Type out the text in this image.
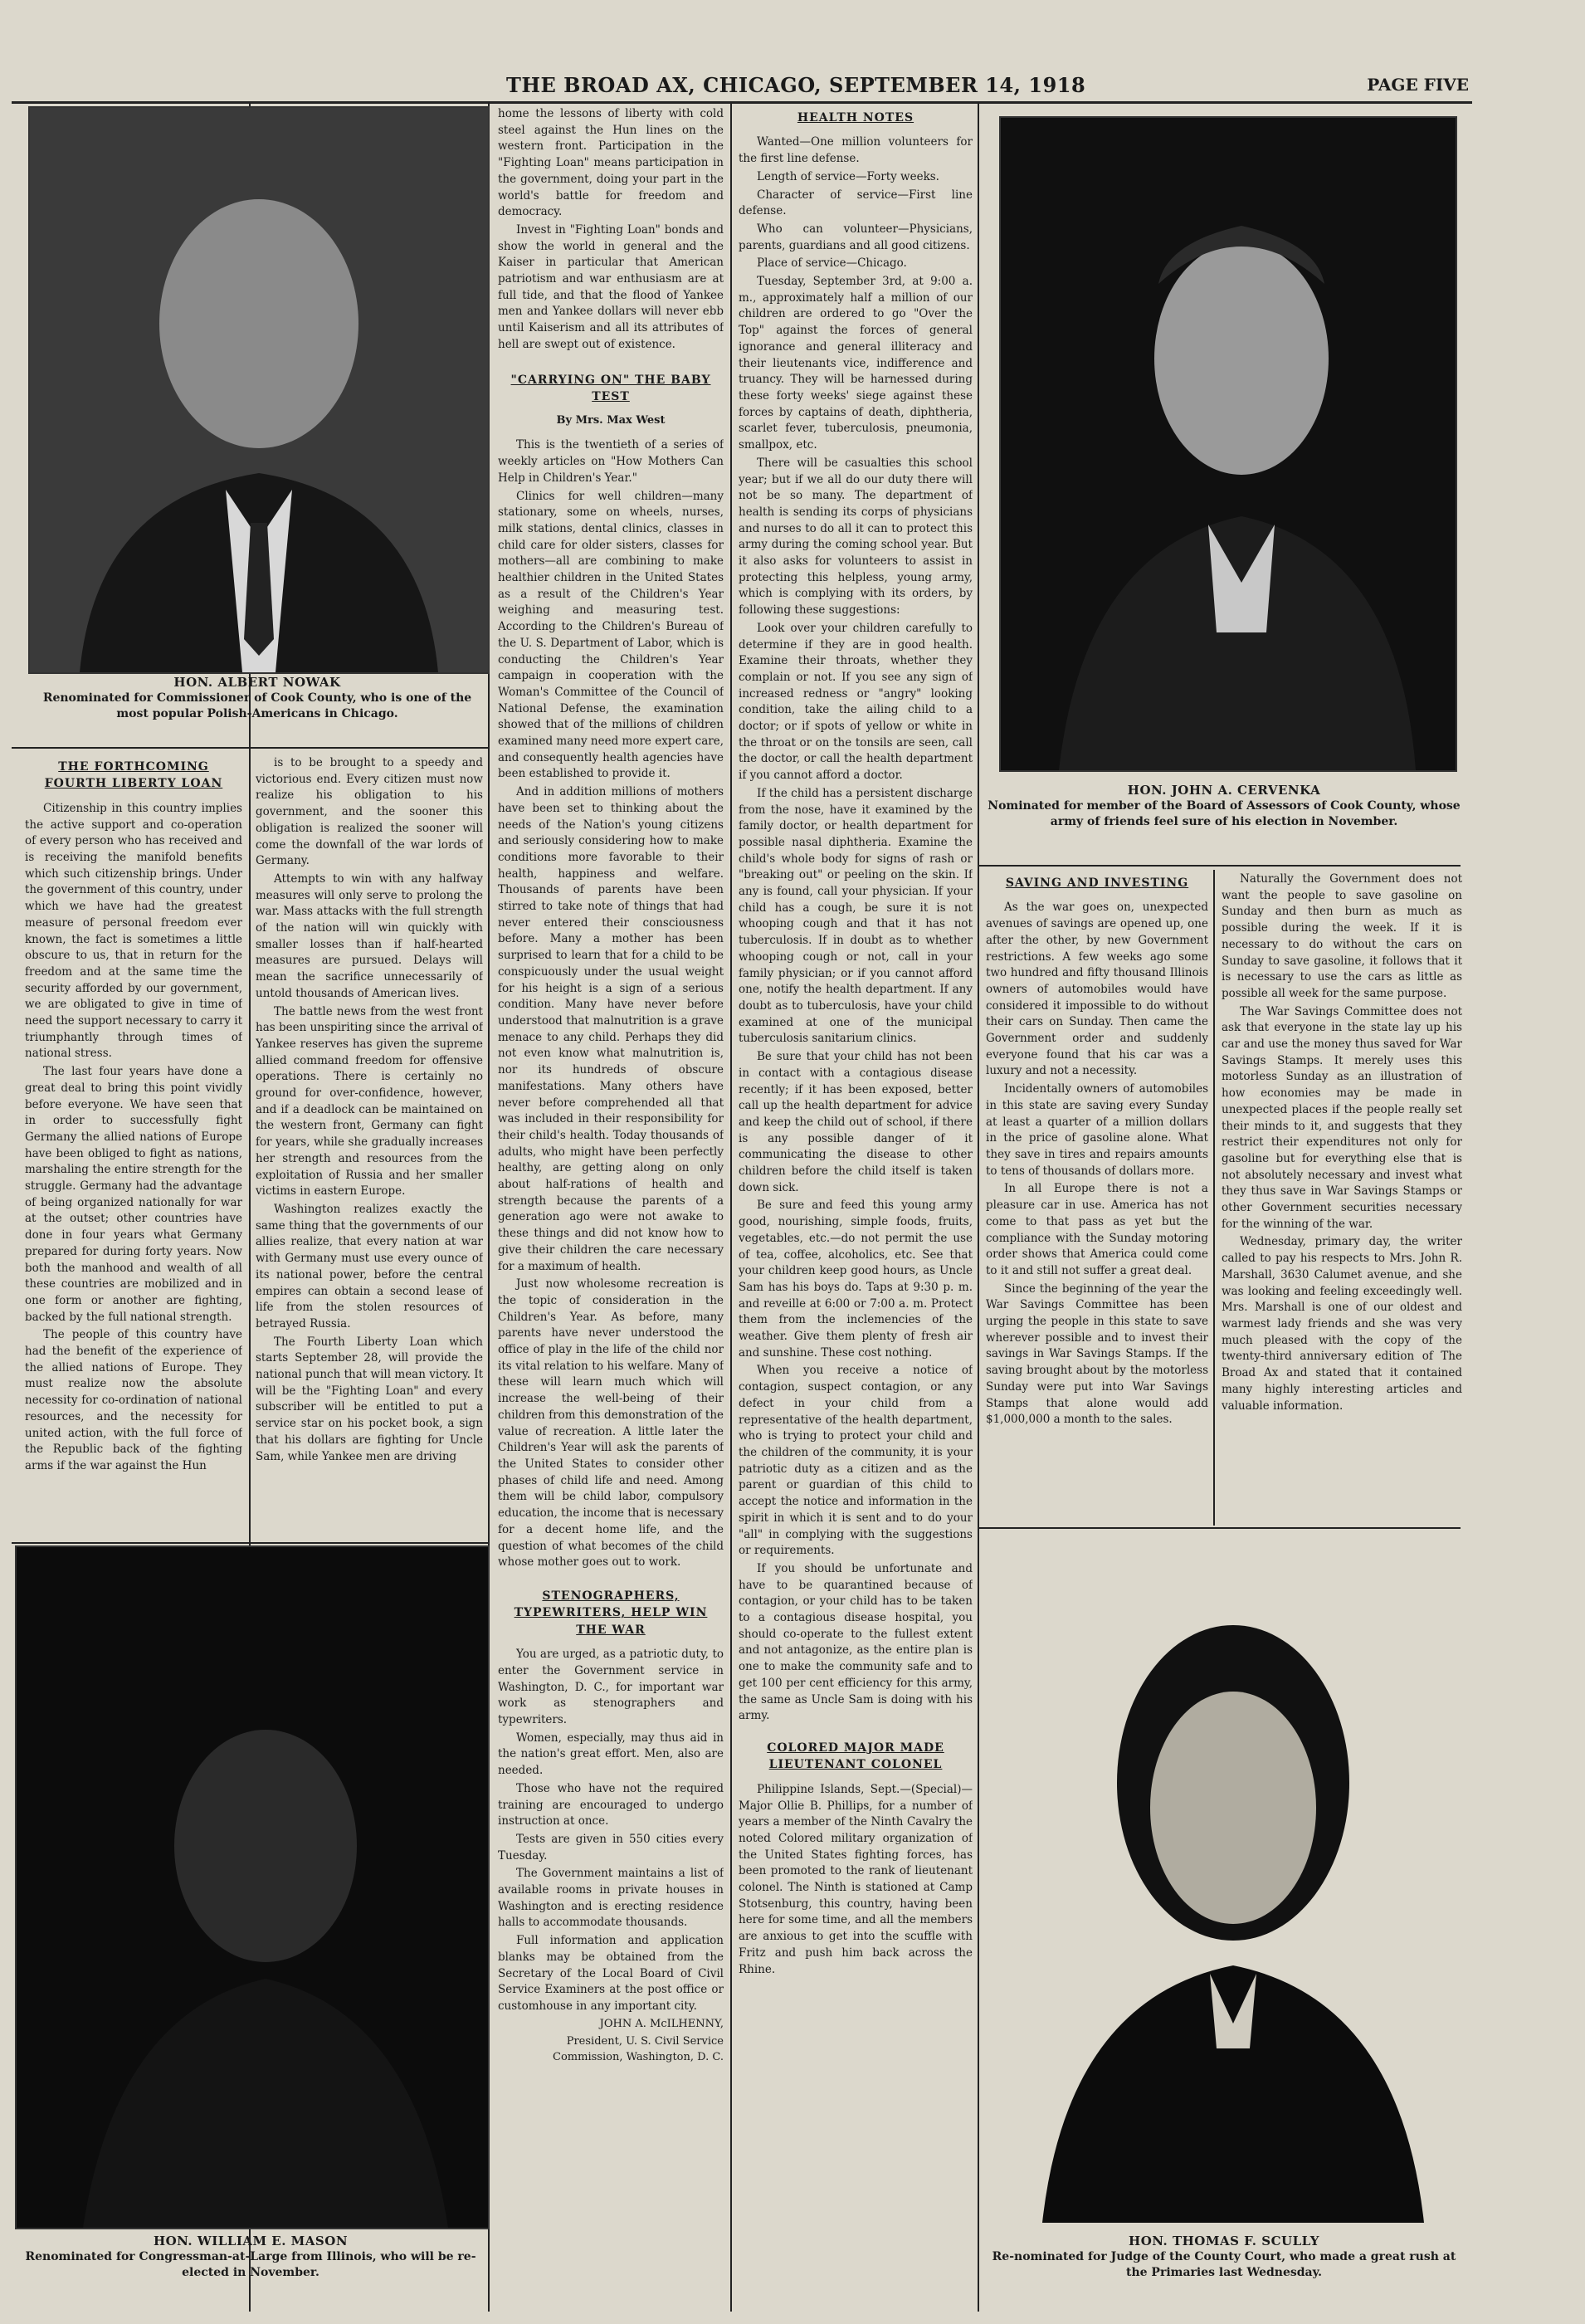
THE BROAD AX, CHICAGO, SEPTEMBER 14, 1918	PAGE FIVE
HON. ALBERT NOWAK
Renominated for Commissioner of Cook County, who is one of the most popular Polish-Americans in Chicago.
THE FORTHCOMING FOURTH LIBERTY LOAN

Citizenship in this country implies the active support and co-operation of every person who has received and is receiving the manifold benefits which such citizenship brings. Under the government of this country, under which we have had the greatest measure of personal freedom ever known, the fact is sometimes a little obscure to us, that in return for the freedom and at the same time the security afforded by our government, we are obligated to give in time of need the support necessary to carry it triumphantly through times of national stress.

The last four years have done a great deal to bring this point vividly before everyone. We have seen that in order to successfully fight Germany the allied nations of Europe have been obliged to fight as nations, marshaling the entire strength for the struggle. Germany had the advantage of being organized nationally for war at the outset; other countries have done in four years what Germany prepared for during forty years. Now both the manhood and wealth of all these countries are mobilized and in one form or another are fighting, backed by the full national strength.

The people of this country have had the benefit of the experience of the allied nations of Europe. They must realize now the absolute necessity for co-ordination of national resources, and the necessity for united action, with the full force of the Republic back of the fighting arms if the war against the Hun

is to be brought to a speedy and victorious end. Every citizen must now realize his obligation to his government, and the sooner this obligation is realized the sooner will come the downfall of the war lords of Germany.

Attempts to win with any halfway measures will only serve to prolong the war. Mass attacks with the full strength of the nation will win quickly with smaller losses than if half-hearted measures are pursued. Delays will mean the sacrifice unnecessarily of untold thousands of American lives.

The battle news from the west front has been unspiriting since the arrival of Yankee reserves has given the supreme allied command freedom for offensive operations. There is certainly no ground for over-confidence, however, and if a deadlock can be maintained on the western front, Germany can fight for years, while she gradually increases her strength and resources from the exploitation of Russia and her smaller victims in eastern Europe.

Washington realizes exactly the same thing that the governments of our allies realize, that every nation at war with Germany must use every ounce of its national power, before the central empires can obtain a second lease of life from the stolen resources of betrayed Russia.

The Fourth Liberty Loan which starts September 28, will provide the national punch that will mean victory. It will be the "Fighting Loan" and every subscriber will be entitled to put a service star on his pocket book, a sign that his dollars are fighting for Uncle Sam, while Yankee men are driving

HON. WILLIAM E. MASON
Renominated for Congressman-at-Large from Illinois, who will be re-elected in November.

home the lessons of liberty with cold steel against the Hun lines on the western front. Participation in the "Fighting Loan" means participation in the government, doing your part in the world's battle for freedom and democracy.

Invest in "Fighting Loan" bonds and show the world in general and the Kaiser in particular that American patriotism and war enthusiasm are at full tide, and that the flood of Yankee men and Yankee dollars will never ebb until Kaiserism and all its attributes of hell are swept out of existence.

"CARRYING ON" THE BABY TEST
By Mrs. Max West

This is the twentieth of a series of weekly articles on "How Mothers Can Help in Children's Year."

Clinics for well children—many stationary, some on wheels, nurses, milk stations, dental clinics, classes in child care for older sisters, classes for mothers—all are combining to make healthier children in the United States as a result of the Children's Year weighing and measuring test. According to the Children's Bureau of the U. S. Department of Labor, which is conducting the Children's Year campaign in cooperation with the Woman's Committee of the Council of National Defense, the examination showed that of the millions of children examined many need more expert care, and consequently health agencies have been established to provide it.

And in addition millions of mothers have been set to thinking about the needs of the Nation's young citizens and seriously considering how to make conditions more favorable to their health, happiness and welfare. Thousands of parents have been stirred to take note of things that had never entered their consciousness before. Many a mother has been surprised to learn that for a child to be conspicuously under the usual weight for his height is a sign of a serious condition. Many have never before understood that malnutrition is a grave menace to any child. Perhaps they did not even know what malnutrition is, nor its hundreds of obscure manifestations. Many others have never before comprehended all that was included in their responsibility for their child's health. Today thousands of adults, who might have been perfectly healthy, are getting along on only about half-rations of health and strength because the parents of a generation ago were not awake to these things and did not know how to give their children the care necessary for a maximum of health.

Just now wholesome recreation is the topic of consideration in the Children's Year. As before, many parents have never understood the office of play in the life of the child nor its vital relation to his welfare. Many of these will learn much which will increase the well-being of their children from this demonstration of the value of recreation. A little later the Children's Year will ask the parents of the United States to consider other phases of child life and need. Among them will be child labor, compulsory education, the income that is necessary for a decent home life, and the question of what becomes of the child whose mother goes out to work.

STENOGRAPHERS, TYPEWRITERS, HELP WIN THE WAR

You are urged, as a patriotic duty, to enter the Government service in Washington, D. C., for important war work as stenographers and typewriters.

Women, especially, may thus aid in the nation's great effort. Men, also are needed.

Those who have not the required training are encouraged to undergo instruction at once.

Tests are given in 550 cities every Tuesday.

The Government maintains a list of available rooms in private houses in Washington and is erecting residence halls to accommodate thousands.

Full information and application blanks may be obtained from the Secretary of the Local Board of Civil Service Examiners at the post office or customhouse in any important city.

JOHN A. McILHENNY,

President, U. S. Civil Service Commission, Washington, D. C.

HEALTH NOTES

Wanted—One million volunteers for the first line defense.

Length of service—Forty weeks.

Character of service—First line defense.

Who can volunteer—Physicians, parents, guardians and all good citizens.

Place of service—Chicago.

Tuesday, September 3rd, at 9:00 a. m., approximately half a million of our children are ordered to go "Over the Top" against the forces of general ignorance and general illiteracy and their lieutenants vice, indifference and truancy. They will be harnessed during these forty weeks' siege against these forces by captains of death, diphtheria, scarlet fever, tuberculosis, pneumonia, smallpox, etc.

There will be casualties this school year; but if we all do our duty there will not be so many. The department of health is sending its corps of physicians and nurses to do all it can to protect this army during the coming school year. But it also asks for volunteers to assist in protecting this helpless, young army, which is complying with its orders, by following these suggestions:

Look over your children carefully to determine if they are in good health. Examine their throats, whether they complain or not. If you see any sign of increased redness or "angry" looking condition, take the ailing child to a doctor; or if spots of yellow or white in the throat or on the tonsils are seen, call the doctor, or call the health department if you cannot afford a doctor.

If the child has a persistent discharge from the nose, have it examined by the family doctor, or health department for possible nasal diphtheria. Examine the child's whole body for signs of rash or "breaking out" or peeling on the skin. If any is found, call your physician. If your child has a cough, be sure it is not whooping cough and that it has not tuberculosis. If in doubt as to whether whooping cough or not, call in your family physician; or if you cannot afford one, notify the health department. If any doubt as to tuberculosis, have your child examined at one of the municipal tuberculosis sanitarium clinics.

Be sure that your child has not been in contact with a contagious disease recently; if it has been exposed, better call up the health department for advice and keep the child out of school, if there is any possible danger of it communicating the disease to other children before the child itself is taken down sick.

Be sure and feed this young army good, nourishing, simple foods, fruits, vegetables, etc.—do not permit the use of tea, coffee, alcoholics, etc. See that your children keep good hours, as Uncle Sam has his boys do. Taps at 9:30 p. m. and reveille at 6:00 or 7:00 a. m. Protect them from the inclemencies of the weather. Give them plenty of fresh air and sunshine. These cost nothing.

When you receive a notice of contagion, suspect contagion, or any defect in your child from a representative of the health department, who is trying to protect your child and the children of the community, it is your patriotic duty as a citizen and as the parent or guardian of this child to accept the notice and information in the spirit in which it is sent and to do your "all" in complying with the suggestions or requirements.

If you should be unfortunate and have to be quarantined because of contagion, or your child has to be taken to a contagious disease hospital, you should co-operate to the fullest extent and not antagonize, as the entire plan is one to make the community safe and to get 100 per cent efficiency for this army, the same as Uncle Sam is doing with his army.

COLORED MAJOR MADE LIEUTENANT COLONEL

Philippine Islands, Sept.—(Special)—Major Ollie B. Phillips, for a number of years a member of the Ninth Cavalry the noted Colored military organization of the United States fighting forces, has been promoted to the rank of lieutenant colonel. The Ninth is stationed at Camp Stotsenburg, this country, having been here for some time, and all the members are anxious to get into the scuffle with Fritz and push him back across the Rhine.

HON. JOHN A. CERVENKA
Nominated for member of the Board of Assessors of Cook County, whose army of friends feel sure of his election in November.
SAVING AND INVESTING

As the war goes on, unexpected avenues of savings are opened up, one after the other, by new Government restrictions. A few weeks ago some two hundred and fifty thousand Illinois owners of automobiles would have considered it impossible to do without their cars on Sunday. Then came the Government order and suddenly everyone found that his car was a luxury and not a necessity.

Incidentally owners of automobiles in this state are saving every Sunday at least a quarter of a million dollars in the price of gasoline alone. What they save in tires and repairs amounts to tens of thousands of dollars more.

In all Europe there is not a pleasure car in use. America has not come to that pass as yet but the compliance with the Sunday motoring order shows that America could come to it and still not suffer a great deal.

Since the beginning of the year the War Savings Committee has been urging the people in this state to save wherever possible and to invest their savings in War Savings Stamps. If the saving brought about by the motorless Sunday were put into War Savings Stamps that alone would add $1,000,000 a month to the sales.

Naturally the Government does not want the people to save gasoline on Sunday and then burn as much as possible during the week. If it is necessary to do without the cars on Sunday to save gasoline, it follows that it is necessary to use the cars as little as possible all week for the same purpose.

The War Savings Committee does not ask that everyone in the state lay up his car and use the money thus saved for War Savings Stamps. It merely uses this motorless Sunday as an illustration of how economies may be made in unexpected places if the people really set their minds to it, and suggests that they restrict their expenditures not only for gasoline but for everything else that is not absolutely necessary and invest what they thus save in War Savings Stamps or other Government securities necessary for the winning of the war.

Wednesday, primary day, the writer called to pay his respects to Mrs. John R. Marshall, 3630 Calumet avenue, and she was looking and feeling exceedingly well. Mrs. Marshall is one of our oldest and warmest lady friends and she was very much pleased with the copy of the twenty-third anniversary edition of The Broad Ax and stated that it contained many highly interesting articles and valuable information.

HON. THOMAS F. SCULLY
Re-nominated for Judge of the County Court, who made a great rush at the Primaries last Wednesday.
